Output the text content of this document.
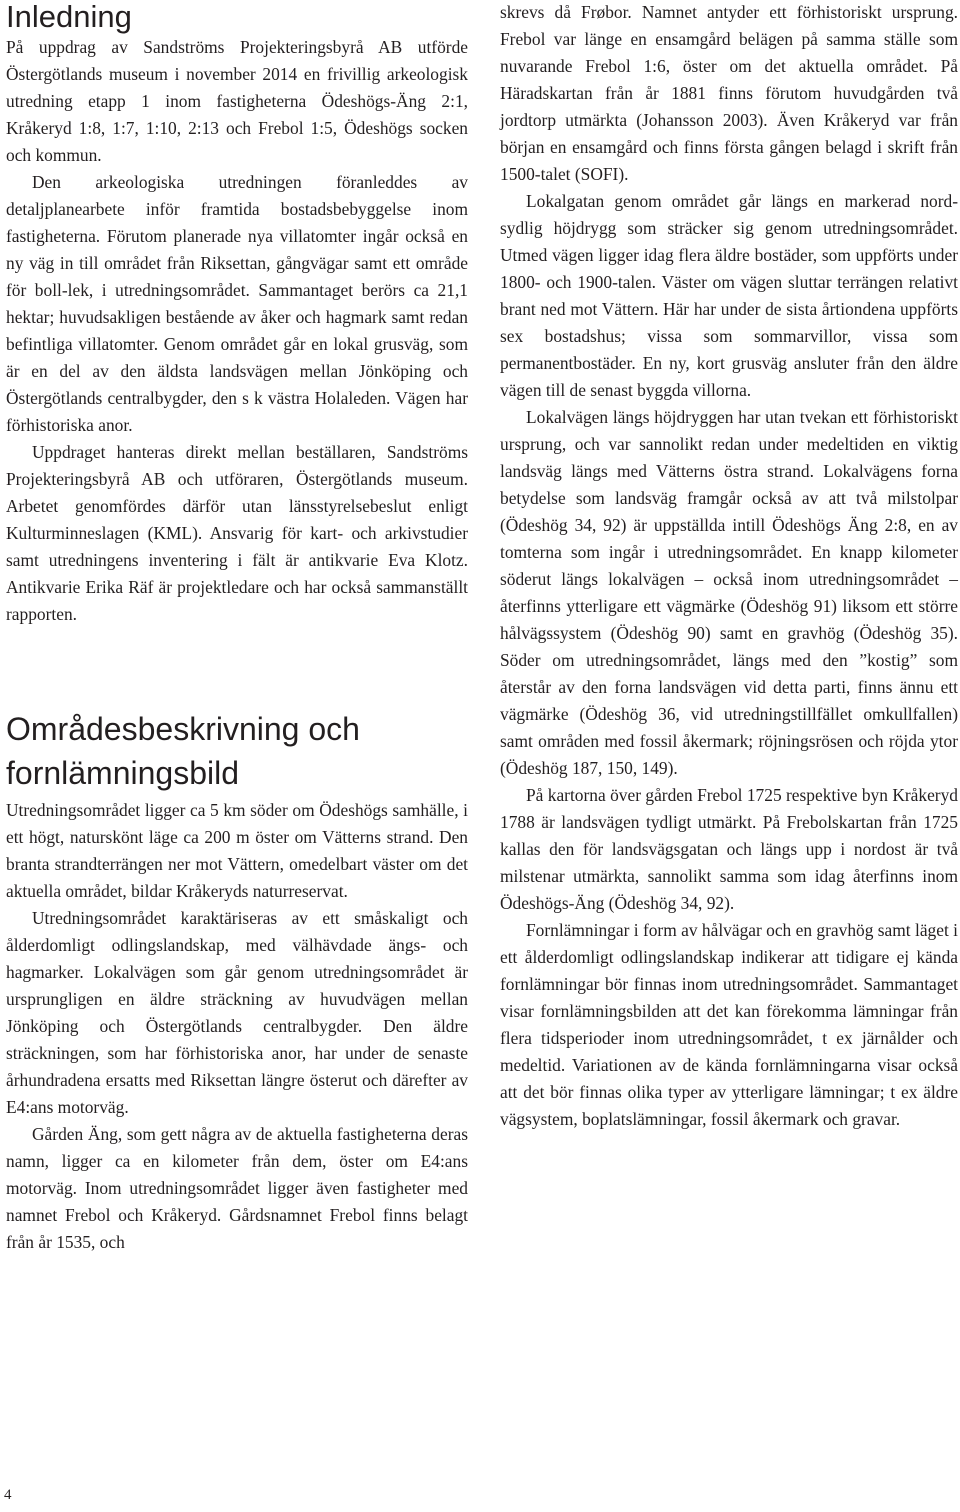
Inledning

På uppdrag av Sandströms Projekteringsbyrå AB utförde Östergötlands museum i november 2014 en frivillig arkeologisk utredning etapp 1 inom fastigheterna Ödeshögs-Äng 2:1, Kråkeryd 1:8, 1:7, 1:10, 2:13 och Frebol 1:5, Ödeshögs socken och kommun.

Den arkeologiska utredningen föranleddes av detaljplanearbete inför framtida bostadsbebyggelse inom fastigheterna. Förutom planerade nya villatomter ingår också en ny väg in till området från Riksettan, gångvägar samt ett område för boll-lek, i utredningsområdet. Sammantaget berörs ca 21,1 hektar; huvudsakligen bestående av åker och hagmark samt redan befintliga villatomter. Genom området går en lokal grusväg, som är en del av den äldsta landsvägen mellan Jönköping och Östergötlands centralbygder, den s k västra Holaleden. Vägen har förhistoriska anor.

Uppdraget hanteras direkt mellan beställaren, Sandströms Projekteringsbyrå AB och utföraren, Östergötlands museum. Arbetet genomfördes därför utan länsstyrelsebeslut enligt Kulturminneslagen (KML). Ansvarig för kart- och arkivstudier samt utredningens inventering i fält är antikvarie Eva Klotz. Antikvarie Erika Räf är projektledare och har också sammanställt rapporten.

Områdesbeskrivning och fornlämningsbild

Utredningsområdet ligger ca 5 km söder om Ödeshögs samhälle, i ett högt, naturskönt läge ca 200 m öster om Vätterns strand. Den branta strandterrängen ner mot Vättern, omedelbart väster om det aktuella området, bildar Kråkeryds naturreservat.

Utredningsområdet karaktäriseras av ett småskaligt och ålderdomligt odlingslandskap, med välhävdade ängs- och hagmarker. Lokalvägen som går genom utredningsområdet är ursprungligen en äldre sträckning av huvudvägen mellan Jönköping och Östergötlands centralbygder. Den äldre sträckningen, som har förhistoriska anor, har under de senaste århundradena ersatts med Riksettan längre österut och därefter av E4:ans motorväg.

Gården Äng, som gett några av de aktuella fastigheterna deras namn, ligger ca en kilometer från dem, öster om E4:ans motorväg. Inom utredningsområdet ligger även fastigheter med namnet Frebol och Kråkeryd. Gårdsnamnet Frebol finns belagt från år 1535, och

skrevs då Frøbor. Namnet antyder ett förhistoriskt ursprung. Frebol var länge en ensamgård belägen på samma ställe som nuvarande Frebol 1:6, öster om det aktuella området. På Häradskartan från år 1881 finns förutom huvudgården två jordtorp utmärkta (Johansson 2003). Även Kråkeryd var från början en ensamgård och finns första gången belagd i skrift från 1500-talet (SOFI).

Lokalgatan genom området går längs en markerad nord-sydlig höjdrygg som sträcker sig genom utredningsområdet. Utmed vägen ligger idag flera äldre bostäder, som uppförts under 1800- och 1900-talen. Väster om vägen sluttar terrängen relativt brant ned mot Vättern. Här har under de sista årtiondena uppförts sex bostadshus; vissa som sommarvillor, vissa som permanentbostäder. En ny, kort grusväg ansluter från den äldre vägen till de senast byggda villorna.

Lokalvägen längs höjdryggen har utan tvekan ett förhistoriskt ursprung, och var sannolikt redan under medeltiden en viktig landsväg längs med Vätterns östra strand. Lokalvägens forna betydelse som landsväg framgår också av att två milstolpar (Ödeshög 34, 92) är uppställda intill Ödeshögs Äng 2:8, en av tomterna som ingår i utredningsområdet. En knapp kilometer söderut längs lokalvägen – också inom utredningsområdet – återfinns ytterligare ett vägmärke (Ödeshög 91) liksom ett större hålvägssystem (Ödeshög 90) samt en gravhög (Ödeshög 35). Söder om utredningsområdet, längs med den ”kostig” som återstår av den forna landsvägen vid detta parti, finns ännu ett vägmärke (Ödeshög 36, vid utredningstillfället omkullfallen) samt områden med fossil åkermark; röjningsrösen och röjda ytor (Ödeshög 187, 150, 149).

På kartorna över gården Frebol 1725 respektive byn Kråkeryd 1788 är landsvägen tydligt utmärkt. På Frebolskartan från 1725 kallas den för landsvägsgatan och längs upp i nordost är två milstenar utmärkta, sannolikt samma som idag återfinns inom Ödeshögs-Äng (Ödeshög 34, 92).

Fornlämningar i form av hålvägar och en gravhög samt läget i ett ålderdomligt odlingslandskap indikerar att tidigare ej kända fornlämningar bör finnas inom utredningsområdet. Sammantaget visar fornlämningsbilden att det kan förekomma lämningar från flera tidsperioder inom utredningsområdet, t ex järnålder och medeltid. Variationen av de kända fornlämningarna visar också att det bör finnas olika typer av ytterligare lämningar; t ex äldre vägsystem, boplatslämningar, fossil åkermark och gravar.

4
